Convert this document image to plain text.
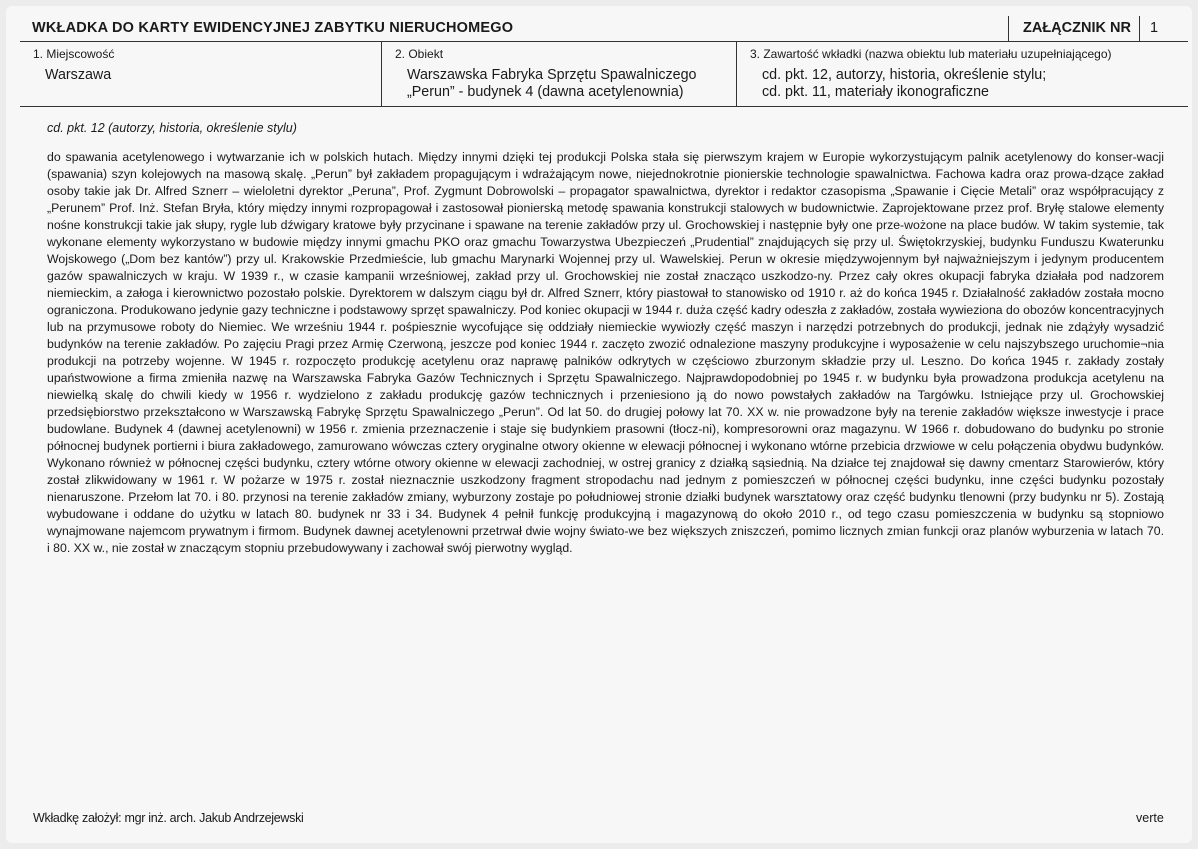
WKŁADKA DO KARTY EWIDENCYJNEJ ZABYTKU NIERUCHOMEGO	ZAŁĄCZNIK NR 1
1. Miejscowość
Warszawa
2. Obiekt
Warszawska Fabryka Sprzętu Spawalniczego
„Perun” - budynek 4 (dawna acetylenownia)
3. Zawartość wkładki (nazwa obiektu lub materiału uzupełniającego)
cd. pkt. 12, autorzy, historia, określenie stylu;
cd. pkt. 11, materiały ikonograficzne
cd. pkt. 12 (autorzy, historia, określenie stylu)
do spawania acetylenowego i wytwarzanie ich w polskich hutach. Między innymi dzięki tej produkcji Polska stała się pierwszym krajem w Europie wykorzystującym palnik acetylenowy do konser-wacji (spawania) szyn kolejowych na masową skalę. „Perun” był zakładem propagującym i wdrażającym nowe, niejednokrotnie pionierskie technologie spawalnictwa. Fachowa kadra oraz prowa-dzące zakład osoby takie jak Dr. Alfred Sznerr – wieloletni dyrektor „Peruna”, Prof. Zygmunt Dobrowolski – propagator spawalnictwa, dyrektor i redaktor czasopisma „Spawanie i Cięcie Metali” oraz współpracujący z „Perunem” Prof. Inż. Stefan Bryła, który między innymi rozpropagował i zastosował pionierską metodę spawania konstrukcji stalowych w budownictwie. Zaprojektowane przez prof. Bryłę stalowe elementy nośne konstrukcji takie jak słupy, rygle lub dźwigary kratowe były przycinane i spawane na terenie zakładów przy ul. Grochowskiej i następnie były one prze-wożone na place budów. W takim systemie, tak wykonane elementy wykorzystano w budowie między innymi gmachu PKO oraz gmachu Towarzystwa Ubezpieczeń „Prudential” znajdujących się przy ul. Świętokrzyskiej, budynku Funduszu Kwaterunku Wojskowego („Dom bez kantów”) przy ul. Krakowskie Przedmieście, lub gmachu Marynarki Wojennej przy ul. Wawelskiej. Perun w okresie międzywojennym był najważniejszym i jedynym producentem gazów spawalniczych w kraju. W 1939 r., w czasie kampanii wrześniowej, zakład przy ul. Grochowskiej nie został znacząco uszkodzo-ny. Przez cały okres okupacji fabryka działała pod nadzorem niemieckim, a załoga i kierownictwo pozostało polskie. Dyrektorem w dalszym ciągu był dr. Alfred Sznerr, który piastował to stanowisko od 1910 r. aż do końca 1945 r. Działalność zakładów została mocno ograniczona. Produkowano jedynie gazy techniczne i podstawowy sprzęt spawalniczy. Pod koniec okupacji w 1944 r. duża część kadry odeszła z zakładów, została wywieziona do obozów koncentracyjnych lub na przymusowe roboty do Niemiec. We wrześniu 1944 r. pośpiesznie wycofujące się oddziały niemieckie wywiozły część maszyn i narzędzi potrzebnych do produkcji, jednak nie zdążyły wysadzić budynków na terenie zakładów. Po zajęciu Pragi przez Armię Czerwoną, jeszcze pod koniec 1944 r. zaczęto zwozić odnalezione maszyny produkcyjne i wyposażenie w celu najszybszego uruchomie¬nia produkcji na potrzeby wojenne. W 1945 r. rozpoczęto produkcję acetylenu oraz naprawę palników odkrytych w częściowo zburzonym składzie przy ul. Leszno. Do końca 1945 r. zakłady zostały upaństwowione a firma zmieniła nazwę na Warszawska Fabryka Gazów Technicznych i Sprzętu Spawalniczego. Najprawdopodobniej po 1945 r. w budynku była prowadzona produkcja acetylenu na niewielką skalę do chwili kiedy w 1956 r. wydzielono z zakładu produkcję gazów technicznych i przeniesiono ją do nowo powstałych zakładów na Targówku. Istniejące przy ul. Grochowskiej przedsiębiorstwo przekształcono w Warszawską Fabrykę Sprzętu Spawalniczego „Perun”. Od lat 50. do drugiej połowy lat 70. XX w. nie prowadzone były na terenie zakładów większe inwestycje i prace budowlane. Budynek 4 (dawnej acetylenowni) w 1956 r. zmienia przeznaczenie i staje się budynkiem prasowni (tłocz-ni), kompresorowni oraz magazynu. W 1966 r. dobudowano do budynku po stronie północnej budynek portierni i biura zakładowego, zamurowano wówczas cztery oryginalne otwory okienne w elewacji północnej i wykonano wtórne przebicia drzwiowe w celu połączenia obydwu budynków. Wykonano również w północnej części budynku, cztery wtórne otwory okienne w elewacji zachodniej, w ostrej granicy z działką sąsiednią. Na działce tej znajdował się dawny cmentarz Starowierów, który został zlikwidowany w 1961 r. W pożarze w 1975 r. został nieznacznie uszkodzony fragment stropodachu nad jednym z pomieszczeń w północnej części budynku, inne części budynku pozostały nienaruszone. Przełom lat 70. i 80. przynosi na terenie zakładów zmiany, wyburzony zostaje po południowej stronie działki budynek warsztatowy oraz część budynku tlenowni (przy budynku nr 5). Zostają wybudowane i oddane do użytku w latach 80. budynek nr 33 i 34. Budynek 4 pełnił funkcję produkcyjną i magazynową do około 2010 r., od tego czasu pomieszczenia w budynku są stopniowo wynajmowane najemcom prywatnym i firmom. Budynek dawnej acetylenowni przetrwał dwie wojny świato-we bez większych zniszczeń, pomimo licznych zmian funkcji oraz planów wyburzenia w latach 70. i 80. XX w., nie został w znaczącym stopniu przebudowywany i zachował swój pierwotny wygląd.
Wkładkę założył: mgr inż. arch. Jakub Andrzejewski	verte
